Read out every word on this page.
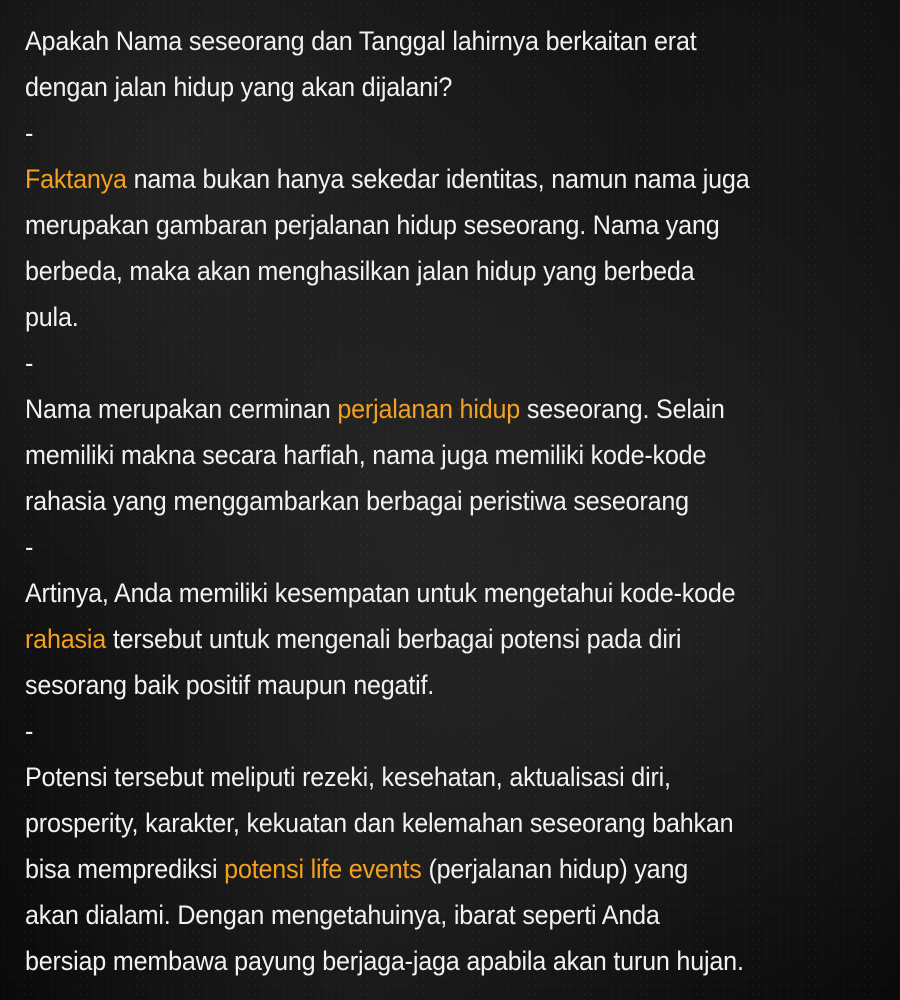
Apakah Nama seseorang dan Tanggal lahirnya berkaitan erat
dengan jalan hidup yang akan dijalani?

-

Faktanya nama bukan hanya sekedar identitas, namun nama juga
merupakan gambaran perjalanan hidup seseorang. Nama yang
berbeda, maka akan menghasilkan jalan hidup yang berbeda
pula.

-

Nama merupakan cerminan perjalanan hidup seseorang. Selain
memiliki makna secara harfiah, nama juga memiliki kode-kode
rahasia yang menggambarkan berbagai peristiwa seseorang

-

Artinya, Anda memiliki kesempatan untuk mengetahui kode-kode
rahasia tersebut untuk mengenali berbagai potensi pada diri
sesorang baik positif maupun negatif.

-

Potensi tersebut meliputi rezeki, kesehatan, aktualisasi diri,
prosperity, karakter, kekuatan dan kelemahan seseorang bahkan
bisa memprediksi potensi life events (perjalanan hidup) yang
akan dialami. Dengan mengetahuinya, ibarat seperti Anda
bersiap membawa payung berjaga-jaga apabila akan turun hujan.
